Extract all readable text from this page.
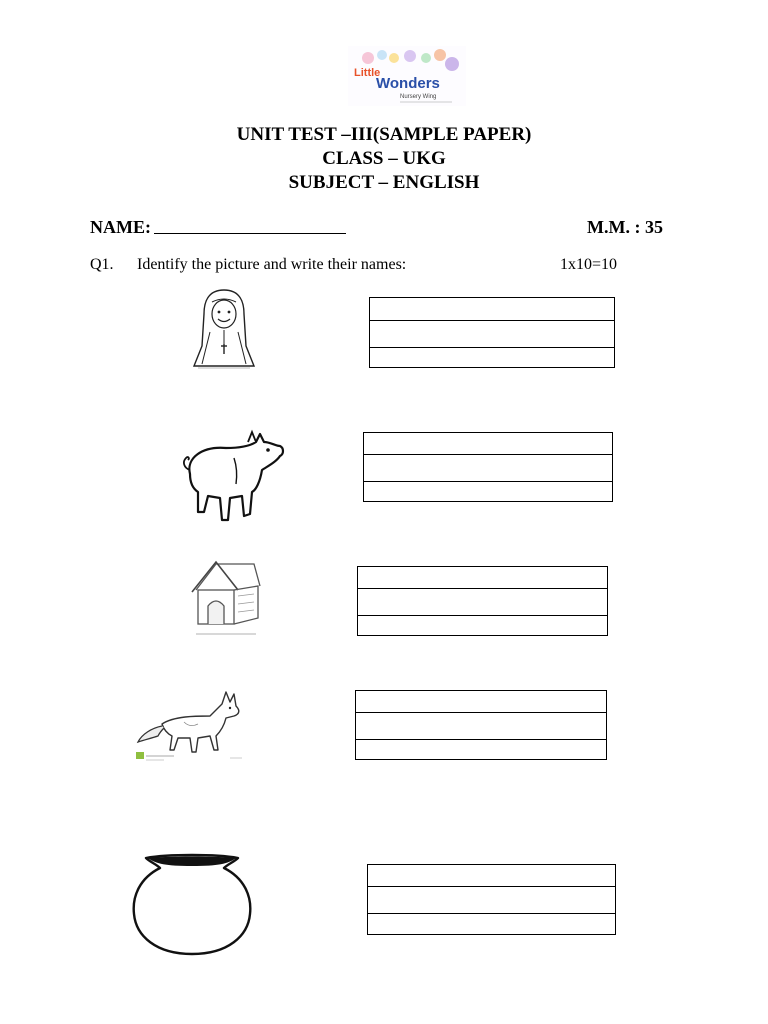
Little
Wonders
Nursery Wing
UNIT TEST –III(SAMPLE PAPER)
CLASS – UKG
SUBJECT – ENGLISH
NAME:	M.M. : 35
Q1. Identify the picture and write their names:	1x10=10
